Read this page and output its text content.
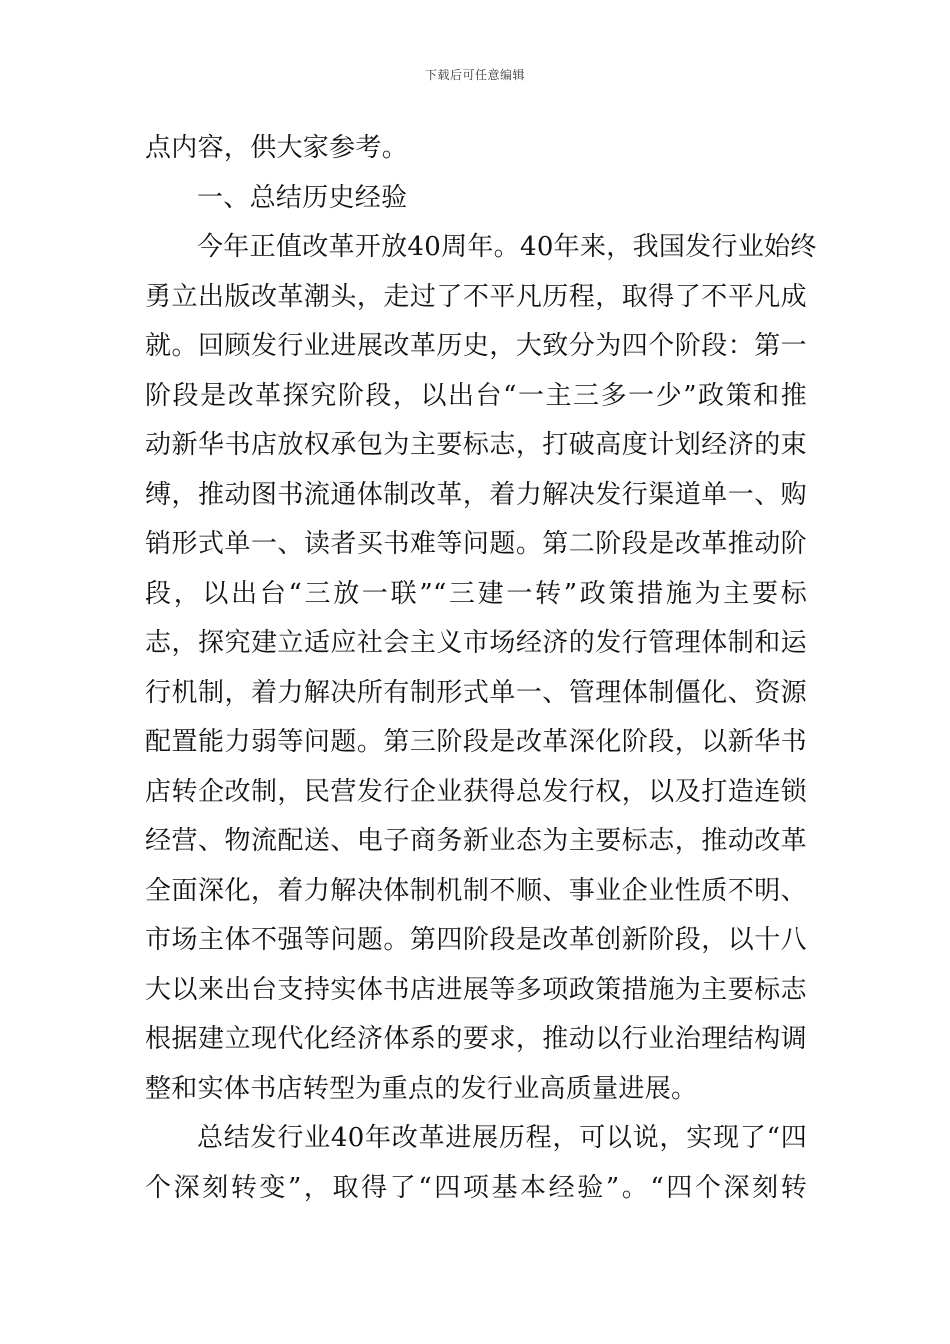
下载后可任意编辑
点内容，供大家参考。
一、总结历史经验
今年正值改革开放40周年。40年来，我国发行业始终
勇立出版改革潮头，走过了不平凡历程，取得了不平凡成
就。回顾发行业进展改革历史，大致分为四个阶段：第一
阶段是改革探究阶段，以出台“一主三多一少”政策和推
动新华书店放权承包为主要标志，打破高度计划经济的束
缚，推动图书流通体制改革，着力解决发行渠道单一、购
销形式单一、读者买书难等问题。第二阶段是改革推动阶
段，以出台“三放一联”“三建一转”政策措施为主要标
志，探究建立适应社会主义市场经济的发行管理体制和运
行机制，着力解决所有制形式单一、管理体制僵化、资源
配置能力弱等问题。第三阶段是改革深化阶段，以新华书
店转企改制，民营发行企业获得总发行权，以及打造连锁
经营、物流配送、电子商务新业态为主要标志，推动改革
全面深化，着力解决体制机制不顺、事业企业性质不明、
市场主体不强等问题。第四阶段是改革创新阶段，以十八
大以来出台支持实体书店进展等多项政策措施为主要标志
根据建立现代化经济体系的要求，推动以行业治理结构调
整和实体书店转型为重点的发行业高质量进展。
总结发行业40年改革进展历程，可以说，实现了“四
个深刻转变”，取得了“四项基本经验”。“四个深刻转
